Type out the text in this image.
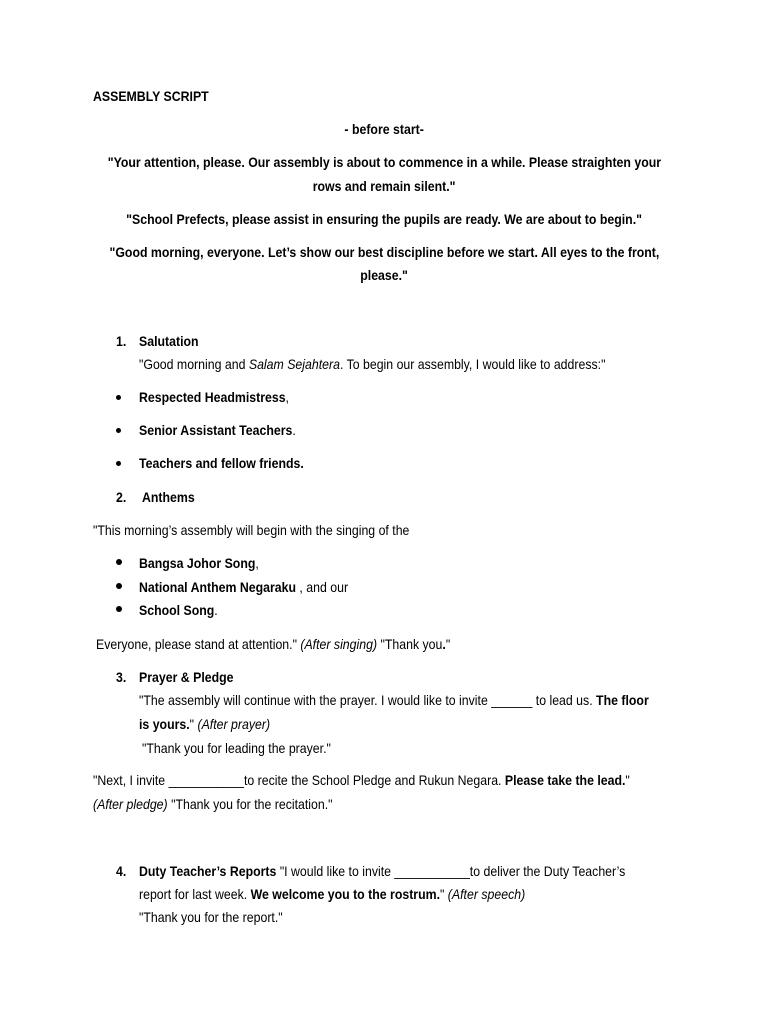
ASSEMBLY SCRIPT
- before start-
"Your attention, please. Our assembly is about to commence in a while. Please straighten your
rows and remain silent."
"School Prefects, please assist in ensuring the pupils are ready. We are about to begin."
"Good morning, everyone. Let’s show our best discipline before we start. All eyes to the front,
please."
1. Salutation
"Good morning and Salam Sejahtera. To begin our assembly, I would like to address:"
Respected Headmistress,
Senior Assistant Teachers.
Teachers and fellow friends.
2. Anthems
"This morning’s assembly will begin with the singing of the
Bangsa Johor Song,
National Anthem Negaraku , and our
School Song.
Everyone, please stand at attention." (After singing) "Thank you."
3. Prayer & Pledge
"The assembly will continue with the prayer. I would like to invite ______ to lead us. The floor
is yours." (After prayer)
"Thank you for leading the prayer."
"Next, I invite ___________to recite the School Pledge and Rukun Negara. Please take the lead."
(After pledge) "Thank you for the recitation."
4. Duty Teacher’s Reports "I would like to invite ___________to deliver the Duty Teacher’s
report for last week. We welcome you to the rostrum." (After speech)
"Thank you for the report."
